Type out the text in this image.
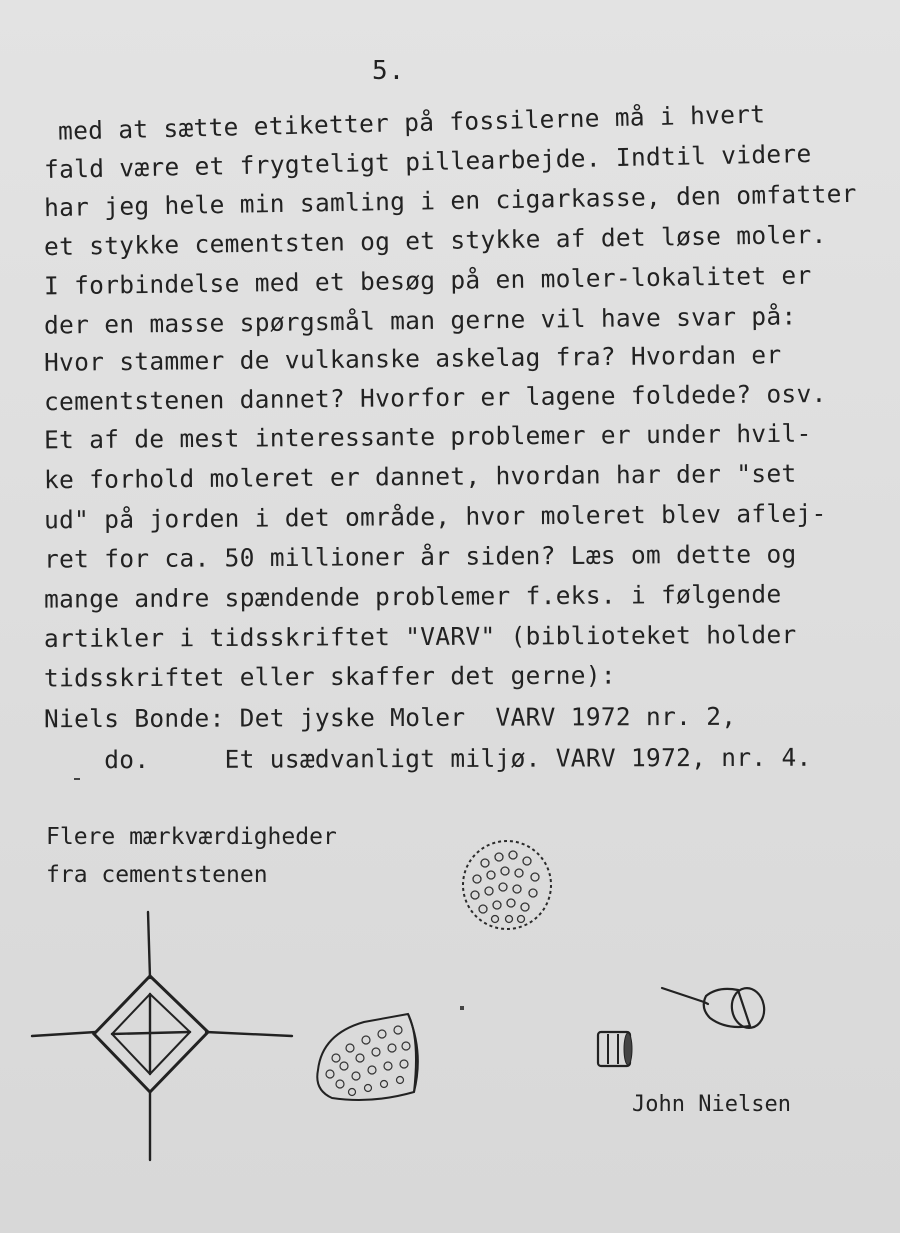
5.
med at sætte etiketter på fossilerne må i hvert
fald være et frygteligt pillearbejde. Indtil videre
har jeg hele min samling i en cigarkasse, den omfatter
et stykke cementsten og et stykke af det løse moler.
I forbindelse med et besøg på en moler-lokalitet er
der en masse spørgsmål man gerne vil have svar på:
Hvor stammer de vulkanske askelag fra? Hvordan er
cementstenen dannet? Hvorfor er lagene foldede? osv.
Et af de mest interessante problemer er under hvil-
ke forhold moleret er dannet, hvordan har der "set
ud" på jorden i det område, hvor moleret blev aflej-
ret for ca. 50 millioner år siden? Læs om dette og
mange andre spændende problemer f.eks. i følgende
artikler i tidsskriftet "VARV" (biblioteket holder
tidsskriftet eller skaffer det gerne):
Niels Bonde: Det jyske Moler  VARV 1972 nr. 2,
do.     Et usædvanligt miljø. VARV 1972, nr. 4.
Flere mærkværdigheder
fra cementstenen
John Nielsen
